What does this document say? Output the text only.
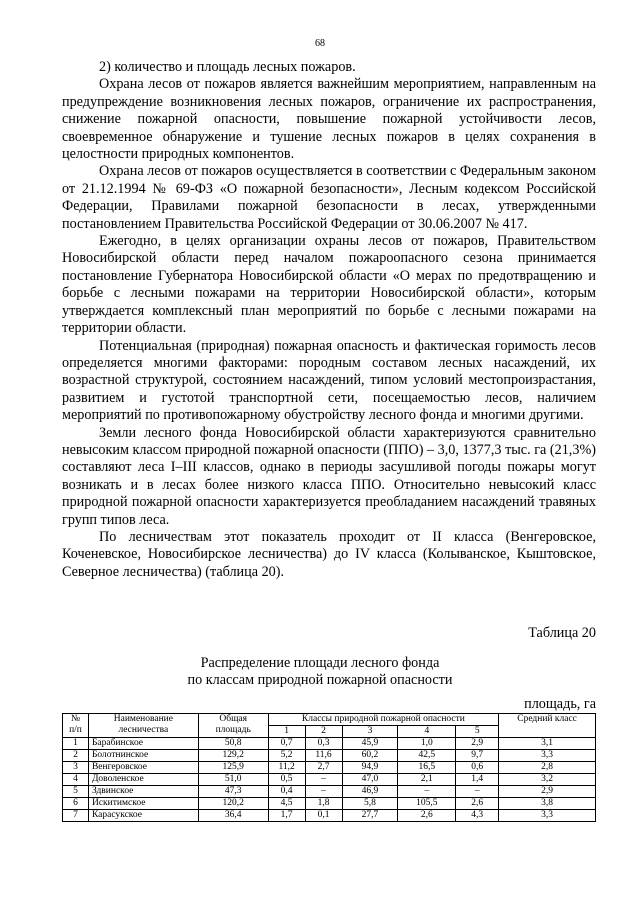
68

2) количество и площадь лесных пожаров.

Охрана лесов от пожаров является важнейшим мероприятием, направленным на предупреждение возникновения лесных пожаров, ограничение их распространения, снижение пожарной опасности, повышение пожарной устойчивости лесов, своевременное обнаружение и тушение лесных пожаров в целях сохранения в целостности природных компонентов.

Охрана лесов от пожаров осуществляется в соответствии с Федеральным законом от 21.12.1994 № 69-ФЗ «О пожарной безопасности», Лесным кодексом Российской Федерации, Правилами пожарной безопасности в лесах, утвержденными постановлением Правительства Российской Федерации от 30.06.2007 № 417.

Ежегодно, в целях организации охраны лесов от пожаров, Правительством Новосибирской области перед началом пожароопасного сезона принимается постановление Губернатора Новосибирской области «О мерах по предотвращению и борьбе с лесными пожарами на территории Новосибирской области», которым утверждается комплексный план мероприятий по борьбе с лесными пожарами на территории области.

Потенциальная (природная) пожарная опасность и фактическая горимость лесов определяется многими факторами: породным составом лесных насаждений, их возрастной структурой, состоянием насаждений, типом условий местопроизрастания, развитием и густотой транспортной сети, посещаемостью лесов, наличием мероприятий по противопожарному обустройству лесного фонда и многими другими.

Земли лесного фонда Новосибирской области характеризуются сравнительно невысоким классом природной пожарной опасности (ППО) – 3,0, 1377,3 тыс. га (21,3%) составляют леса I–III классов, однако в периоды засушливой погоды пожары могут возникать и в лесах более низкого класса ППО. Относительно невысокий класс природной пожарной опасности характеризуется преобладанием насаждений травяных групп типов леса.

По лесничествам этот показатель проходит от II класса (Венгеровское, Коченевское, Новосибирское лесничества) до IV класса (Колыванское, Кыштовское, Северное лесничества) (таблица 20).

Таблица 20
Распределение площади лесного фонда
по классам природной пожарной опасности
площадь, га
№ п/п	Наименование лесничества	Общая площадь	Классы природной пожарной опасности					Средний класс
			1	2	3	4	5	
1	Барабинское	50,8	0,7	0,3	45,9	1,0	2,9	3,1
2	Болотнинское	129,2	5,2	11,6	60,2	42,5	9,7	3,3
3	Венгеровское	125,9	11,2	2,7	94,9	16,5	0,6	2,8
4	Доволенское	51,0	0,5	–	47,0	2,1	1,4	3,2
5	Здвинское	47,3	0,4	–	46,9	–	–	2,9
6	Искитимское	120,2	4,5	1,8	5,8	105,5	2,6	3,8
7	Карасукское	36,4	1,7	0,1	27,7	2,6	4,3	3,3
